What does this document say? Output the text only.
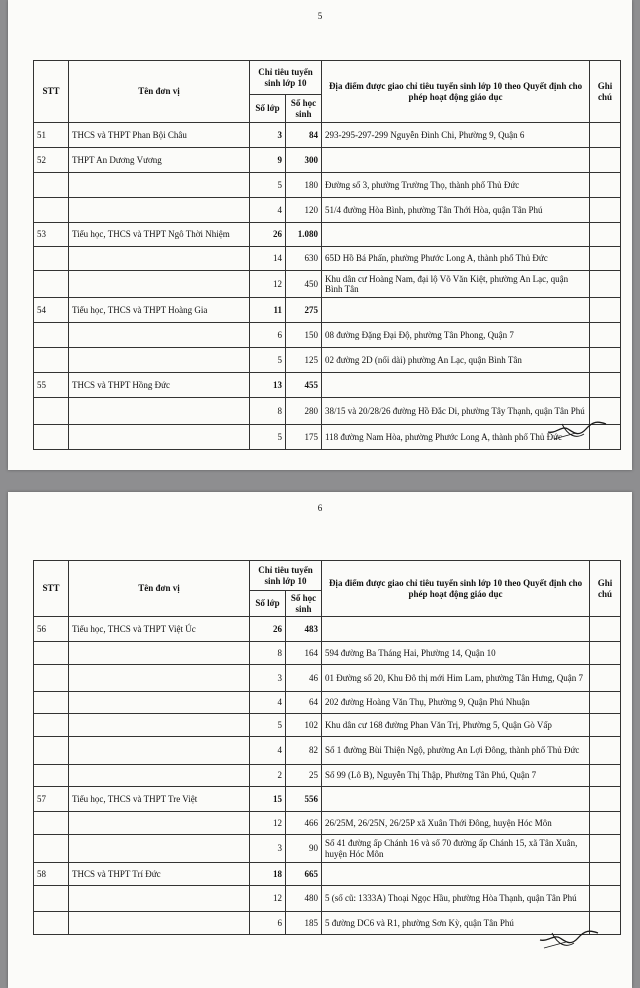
5
STT	Tên đơn vị	Chỉ tiêu tuyển sinh lớp 10		Địa điểm được giao chỉ tiêu tuyển sinh lớp 10 theo Quyết định cho phép hoạt động giáo dục	Ghi chú
		Số lớp	Số học sinh		
51	THCS và THPT Phan Bội Châu	3	84	293-295-297-299 Nguyễn Đình Chi, Phường 9, Quận 6	
52	THPT An Dương Vương	9	300		
		5	180	Đường số 3, phường Trường Thọ, thành phố Thủ Đức	
		4	120	51/4 đường Hòa Bình, phường Tân Thới Hòa, quận Tân Phú	
53	Tiểu học, THCS và THPT Ngô Thời Nhiệm	26	1.080		
		14	630	65D Hồ Bá Phấn, phường Phước Long A, thành phố Thủ Đức	
		12	450	Khu dân cư Hoàng Nam, đại lộ Võ Văn Kiệt, phường An Lạc, quận Bình Tân	
54	Tiểu học, THCS và THPT Hoàng Gia	11	275		
		6	150	08 đường Đặng Đại Độ, phường Tân Phong, Quận 7	
		5	125	02 đường 2D (nối dài) phường An Lạc, quận Bình Tân	
55	THCS và THPT Hồng Đức	13	455		
		8	280	38/15 và 20/28/26 đường Hồ Đắc Di, phường Tây Thạnh, quận Tân Phú	
		5	175	118 đường Nam Hòa, phường Phước Long A, thành phố Thủ Đức	
6
STT	Tên đơn vị	Chỉ tiêu tuyển sinh lớp 10		Địa điểm được giao chỉ tiêu tuyển sinh lớp 10 theo Quyết định cho phép hoạt động giáo dục	Ghi chú
		Số lớp	Số học sinh		
56	Tiểu học, THCS và THPT Việt Úc	26	483		
		8	164	594 đường Ba Tháng Hai, Phường 14, Quận 10	
		3	46	01 Đường số 20, Khu Đô thị mới Him Lam, phường Tân Hưng, Quận 7	
		4	64	202 đường Hoàng Văn Thụ, Phường 9, Quận Phú Nhuận	
		5	102	Khu dân cư 168 đường Phan Văn Trị, Phường 5, Quận Gò Vấp	
		4	82	Số 1 đường Bùi Thiện Ngộ, phường An Lợi Đông, thành phố Thủ Đức	
		2	25	Số 99 (Lô B), Nguyễn Thị Thập, Phường Tân Phú, Quận 7	
57	Tiểu học, THCS và THPT Tre Việt	15	556		
		12	466	26/25M, 26/25N, 26/25P xã Xuân Thới Đông, huyện Hóc Môn	
		3	90	Số 41 đường ấp Chánh 16 và số 70 đường ấp Chánh 15, xã Tân Xuân, huyện Hóc Môn	
58	THCS và THPT Trí Đức	18	665		
		12	480	5 (số cũ: 1333A) Thoại Ngọc Hầu, phường Hòa Thạnh, quận Tân Phú	
		6	185	5 đường DC6 và R1, phường Sơn Kỳ, quận Tân Phú	
